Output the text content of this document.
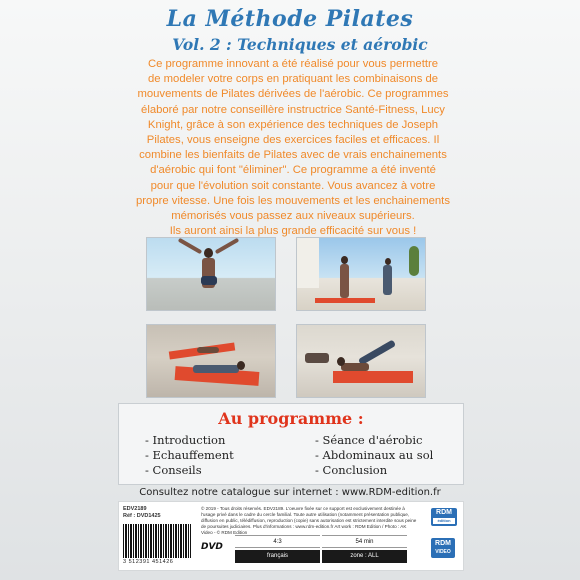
La Méthode Pilates
Vol. 2 : Techniques et aérobic

Ce programme innovant a été réalisé pour vous permettre

de modeler votre corps en pratiquant les combinaisons de

mouvements de Pilates dérivées de l'aérobic. Ce programmes

élaboré par notre conseillère instructrice Santé-Fitness, Lucy

Knight, grâce à son expérience des techniques de Joseph

Pilates, vous enseigne des exercices faciles et efficaces. Il

combine les bienfaits de Pilates avec de vrais enchainements

d'aérobic qui font "éliminer". Ce programme a été inventé

pour que l'évolution soit constante. Vous avancez à votre

propre vitesse. Une fois les mouvements et les enchainements

mémorisés vous passez aux niveaux supérieurs.

Ils auront ainsi la plus grande efficacité sur vous !

Au programme :
- Introduction
- Echauffement
- Conseils
- Séance d'aérobic
- Abdominaux au sol
- Conclusion
Consultez notre catalogue sur internet : www.RDM-edition.fr
EDV2189
Réf : DVD1425
3 512391 451426
© 2019 - Tous droits réservés. EDV2189. L'oeuvre fixée sur ce support est exclusivement destinée à l'usage privé dans le cadre du cercle familial. Toute autre utilisation (notamment présentation publique, diffusion en public, télédiffusion, reproduction (copie) sans autorisation est strictement interdite sous peine de poursuites judiciaires. Plus d'informations : www.rdm-edition.fr Art work : RDM Edition / Photo : AK Video - © RDM Edition
DVD	4:3	54 min
français	zone : ALL
RDM
édition
RDM
VIDEO
